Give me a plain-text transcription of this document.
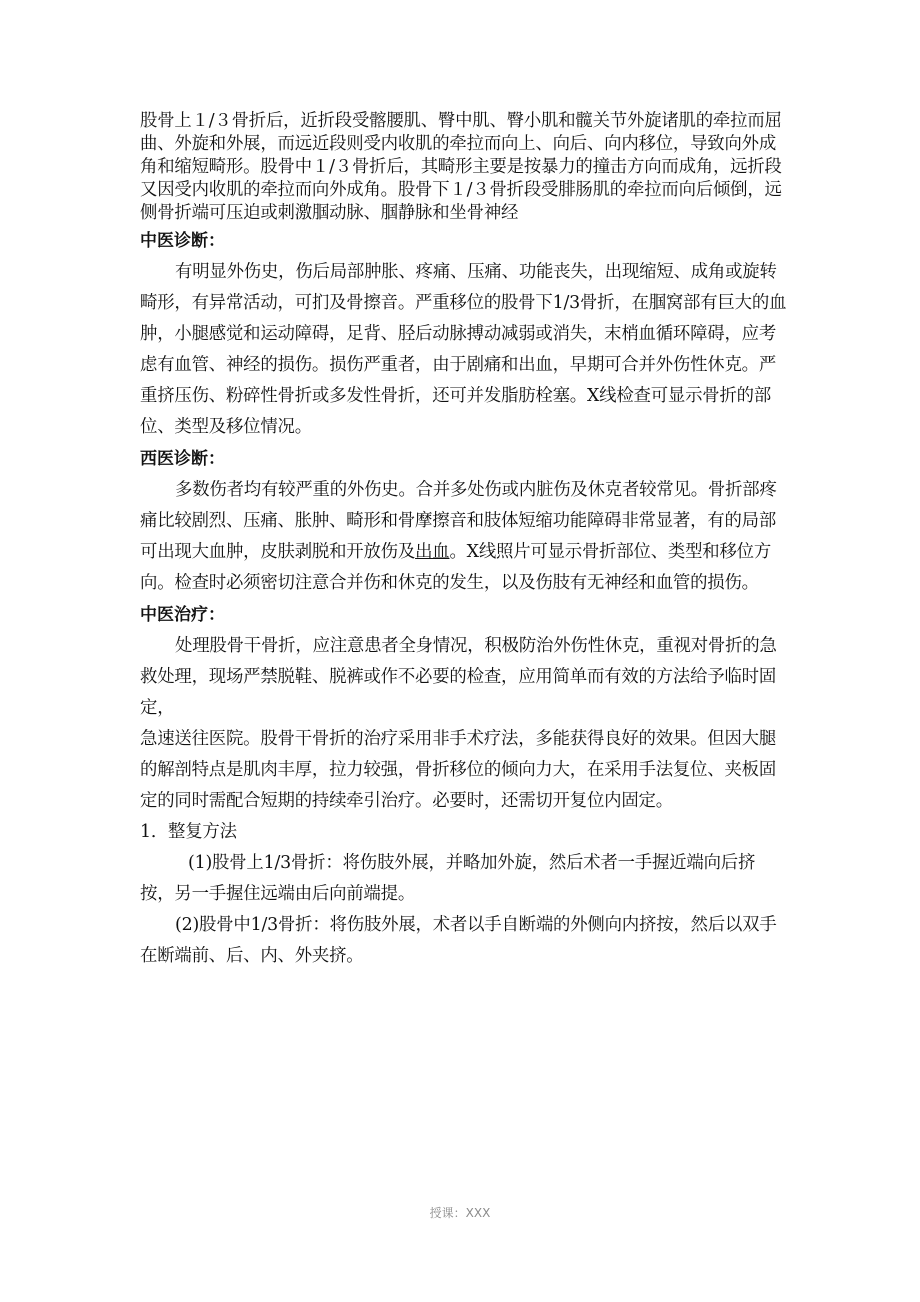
股骨上１/３骨折后，近折段受髂腰肌、臀中肌、臀小肌和髋关节外旋诸肌的牵拉而屈曲、外旋和外展，而远近段则受内收肌的牵拉而向上、向后、向内移位，导致向外成角和缩短畸形。股骨中１/３骨折后，其畸形主要是按暴力的撞击方向而成角，远折段又因受内收肌的牵拉而向外成角。股骨下１/３骨折段受腓肠肌的牵拉而向后倾倒，远侧骨折端可压迫或刺激腘动脉、腘静脉和坐骨神经

中医诊断：

有明显外伤史，伤后局部肿胀、疼痛、压痛、功能丧失，出现缩短、成角或旋转畸形，有异常活动，可扪及骨擦音。严重移位的股骨下1/3骨折，在腘窝部有巨大的血肿，小腿感觉和运动障碍，足背、胫后动脉搏动减弱或消失，末梢血循环障碍，应考虑有血管、神经的损伤。损伤严重者，由于剧痛和出血，早期可合并外伤性休克。严重挤压伤、粉碎性骨折或多发性骨折，还可并发脂肪栓塞。X线检查可显示骨折的部位、类型及移位情况。

西医诊断：

多数伤者均有较严重的外伤史。合并多处伤或内脏伤及休克者较常见。骨折部疼痛比较剧烈、压痛、胀肿、畸形和骨摩擦音和肢体短缩功能障碍非常显著，有的局部可出现大血肿，皮肤剥脱和开放伤及出血。X线照片可显示骨折部位、类型和移位方向。检查时必须密切注意合并伤和休克的发生，以及伤肢有无神经和血管的损伤。

中医治疗：

处理股骨干骨折，应注意患者全身情况，积极防治外伤性休克，重视对骨折的急救处理，现场严禁脱鞋、脱裤或作不必要的检查，应用简单而有效的方法给予临时固定，

急速送往医院。股骨干骨折的治疗采用非手术疗法，多能获得良好的效果。但因大腿的解剖特点是肌肉丰厚，拉力较强，骨折移位的倾向力大，在采用手法复位、夹板固定的同时需配合短期的持续牵引治疗。必要时，还需切开复位内固定。

1．整复方法

(1)股骨上1/3骨折：将伤肢外展，并略加外旋，然后术者一手握近端向后挤按，另一手握住远端由后向前端提。

(2)股骨中1/3骨折：将伤肢外展，术者以手自断端的外侧向内挤按，然后以双手在断端前、后、内、外夹挤。

授课：XXX
